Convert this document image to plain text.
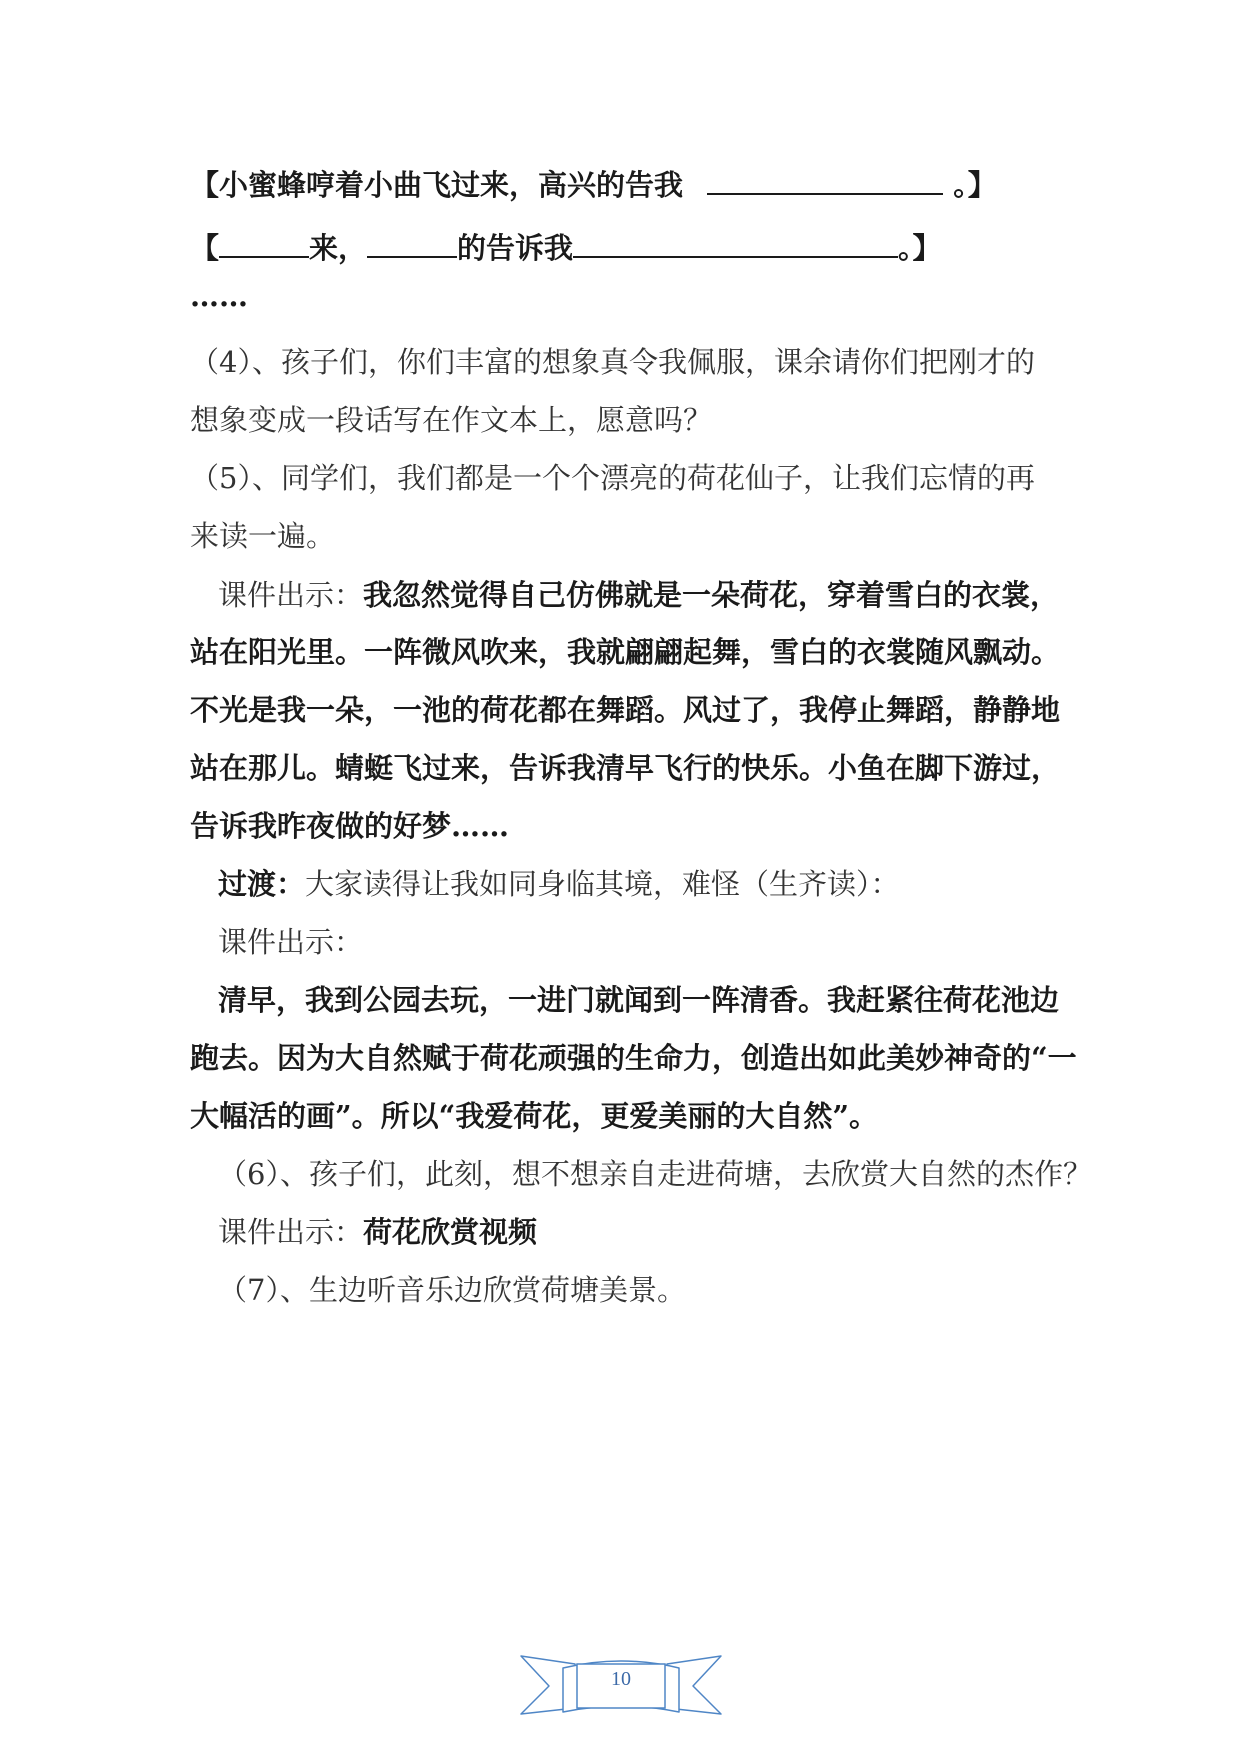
【小蜜蜂哼着小曲飞过来，高兴的告我	。】
【	来，	的告诉我	。】
……
（4）、孩子们，你们丰富的想象真令我佩服，课余请你们把刚才的
想象变成一段话写在作文本上，愿意吗？
（5）、同学们，我们都是一个个漂亮的荷花仙子，让我们忘情的再
来读一遍。
课件出示：我忽然觉得自己仿佛就是一朵荷花，穿着雪白的衣裳，
站在阳光里。一阵微风吹来，我就翩翩起舞，雪白的衣裳随风飘动。
不光是我一朵，一池的荷花都在舞蹈。风过了，我停止舞蹈，静静地
站在那儿。蜻蜓飞过来，告诉我清早飞行的快乐。小鱼在脚下游过，
告诉我昨夜做的好梦……
过渡：大家读得让我如同身临其境，难怪（生齐读）：
课件出示：
清早，我到公园去玩，一进门就闻到一阵清香。我赶紧往荷花池边
跑去。因为大自然赋于荷花顽强的生命力，创造出如此美妙神奇的“一
大幅活的画”。所以“我爱荷花，更爱美丽的大自然”。
（6）、孩子们，此刻，想不想亲自走进荷塘，去欣赏大自然的杰作？
课件出示：荷花欣赏视频
（7）、生边听音乐边欣赏荷塘美景。
10
